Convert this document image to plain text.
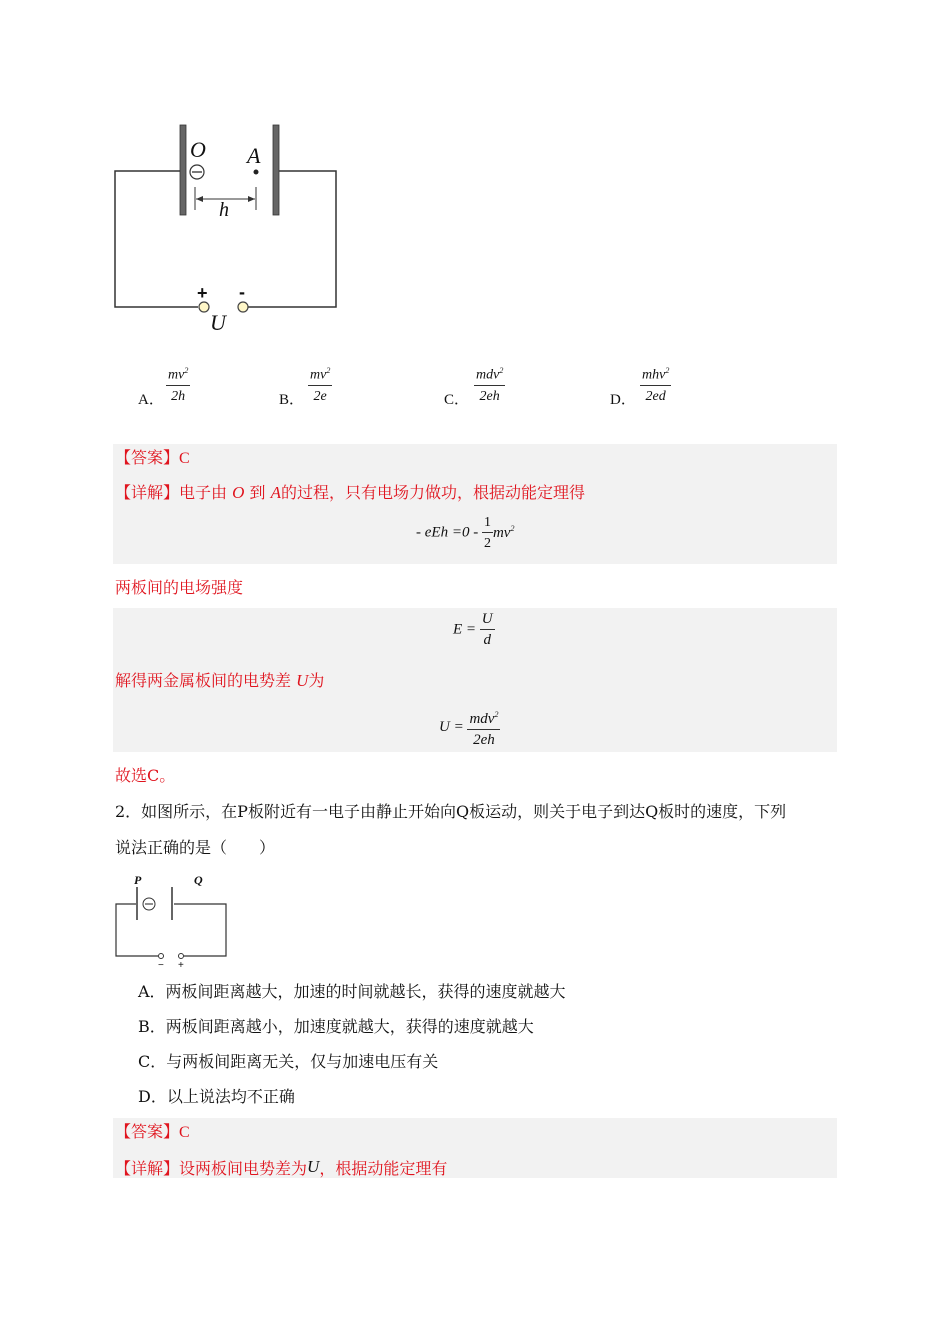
O A
h
+ -
U
A． $\frac{mv^2}{2h}$	B． $\frac{mv^2}{2e}$	C．
mdv$^2$
2eh	D．
mhv$^2$
2ed
【答案】C
【详解】电子由 O 到 A的过程，只有电场力做功，根据动能定理得
- eEh $=0 - \frac{1}{2} mv^2$
两板间的电场强度
$E = \frac{U}{d}$
解得两金属板间的电势差 U为
$U = \frac{mdv^2}{2eh}$
故选C。
2．如图所示，在P板附近有一电子由静止开始向Q板运动，则关于电子到达Q板时的速度，下列
说法正确的是（　　）
P	Q
− +
A．两板间距离越大，加速的时间就越长，获得的速度就越大
B．两板间距离越小，加速度就越大，获得的速度就越大
C．与两板间距离无关，仅与加速电压有关
D．以上说法均不正确
【答案】C
【详解】设两板间电势差为U，根据动能定理有
